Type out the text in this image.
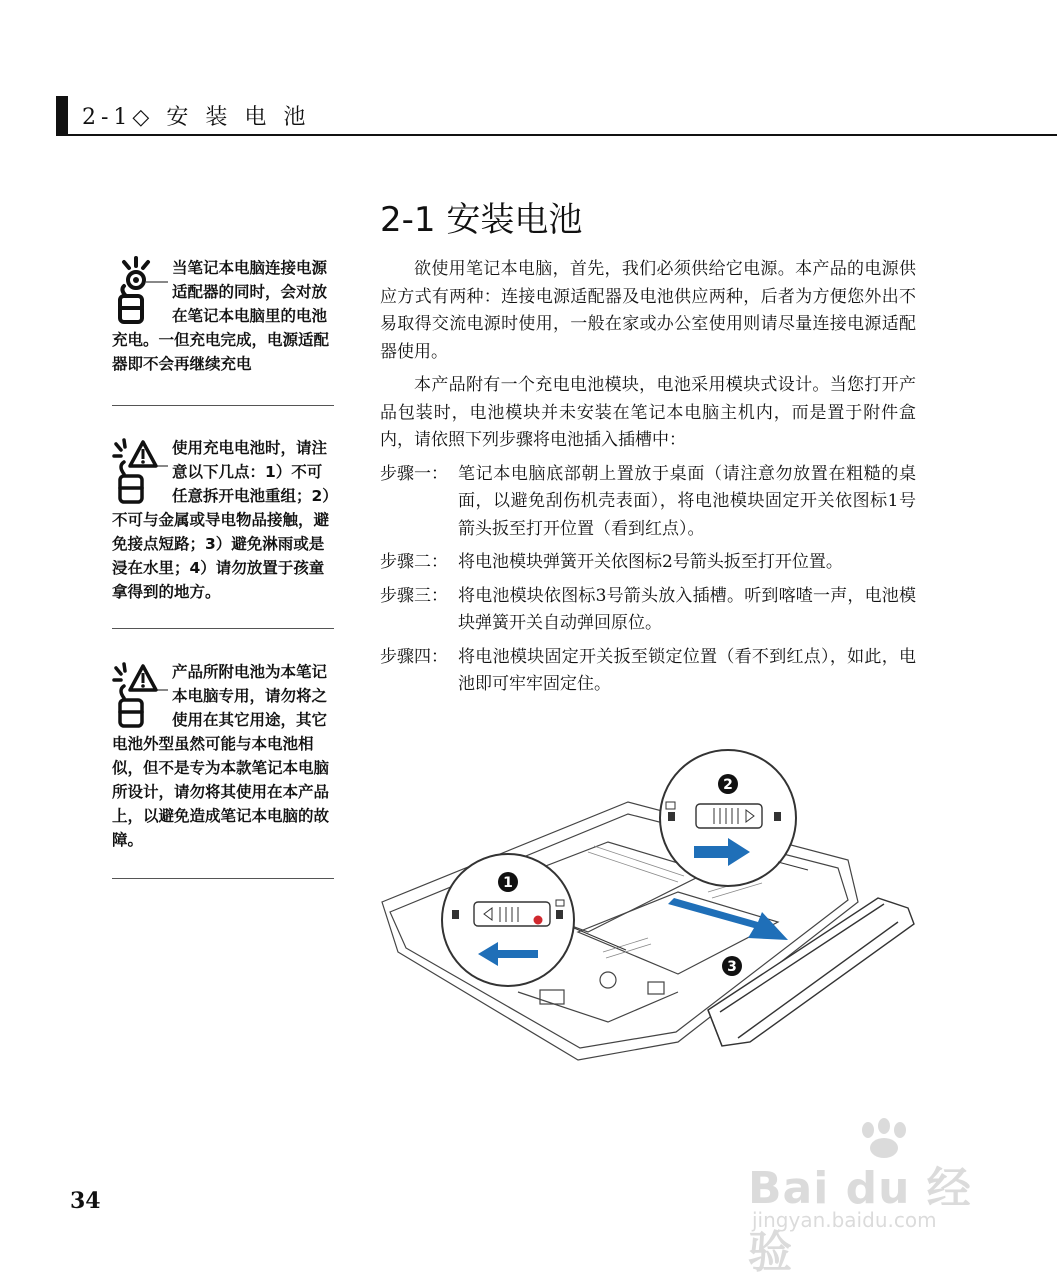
2-1◇ 安 装 电 池
2-1 安装电池

欲使用笔记本电脑，首先，我们必须供给它电源。本产品的电源供应方式有两种：连接电源适配器及电池供应两种，后者为方便您外出不易取得交流电源时使用，一般在家或办公室使用则请尽量连接电源适配器使用。

本产品附有一个充电电池模块，电池采用模块式设计。当您打开产品包装时，电池模块并未安装在笔记本电脑主机内，而是置于附件盒内，请依照下列步骤将电池插入插槽中：

步骤一： 笔记本电脑底部朝上置放于桌面（请注意勿放置在粗糙的桌面，以避免刮伤机壳表面），将电池模块固定开关依图标1号箭头扳至打开位置（看到红点）。
步骤二： 将电池模块弹簧开关依图标2号箭头扳至打开位置。
步骤三： 将电池模块依图标3号箭头放入插槽。听到喀喳一声，电池模块弹簧开关自动弹回原位。
步骤四： 将电池模块固定开关扳至锁定位置（看不到红点），如此，电池即可牢牢固定住。
当笔记本电脑连接电源适配器的同时，会对放在笔记本电脑里的电池充电。一但充电完成，电源适配器即不会再继续充电
使用充电电池时，请注意以下几点：1）不可任意拆开电池重组；2）不可与金属或导电物品接触，避免接点短路；3）避免淋雨或是浸在水里；4）请勿放置于孩童拿得到的地方。
产品所附电池为本笔记本电脑专用，请勿将之使用在其它用途，其它电池外型虽然可能与本电池相似，但不是专为本款笔记本电脑所设计，请勿将其使用在本产品上，以避免造成笔记本电脑的故障。
1
2
3
34	Bai du 经验
jingyan.baidu.com
